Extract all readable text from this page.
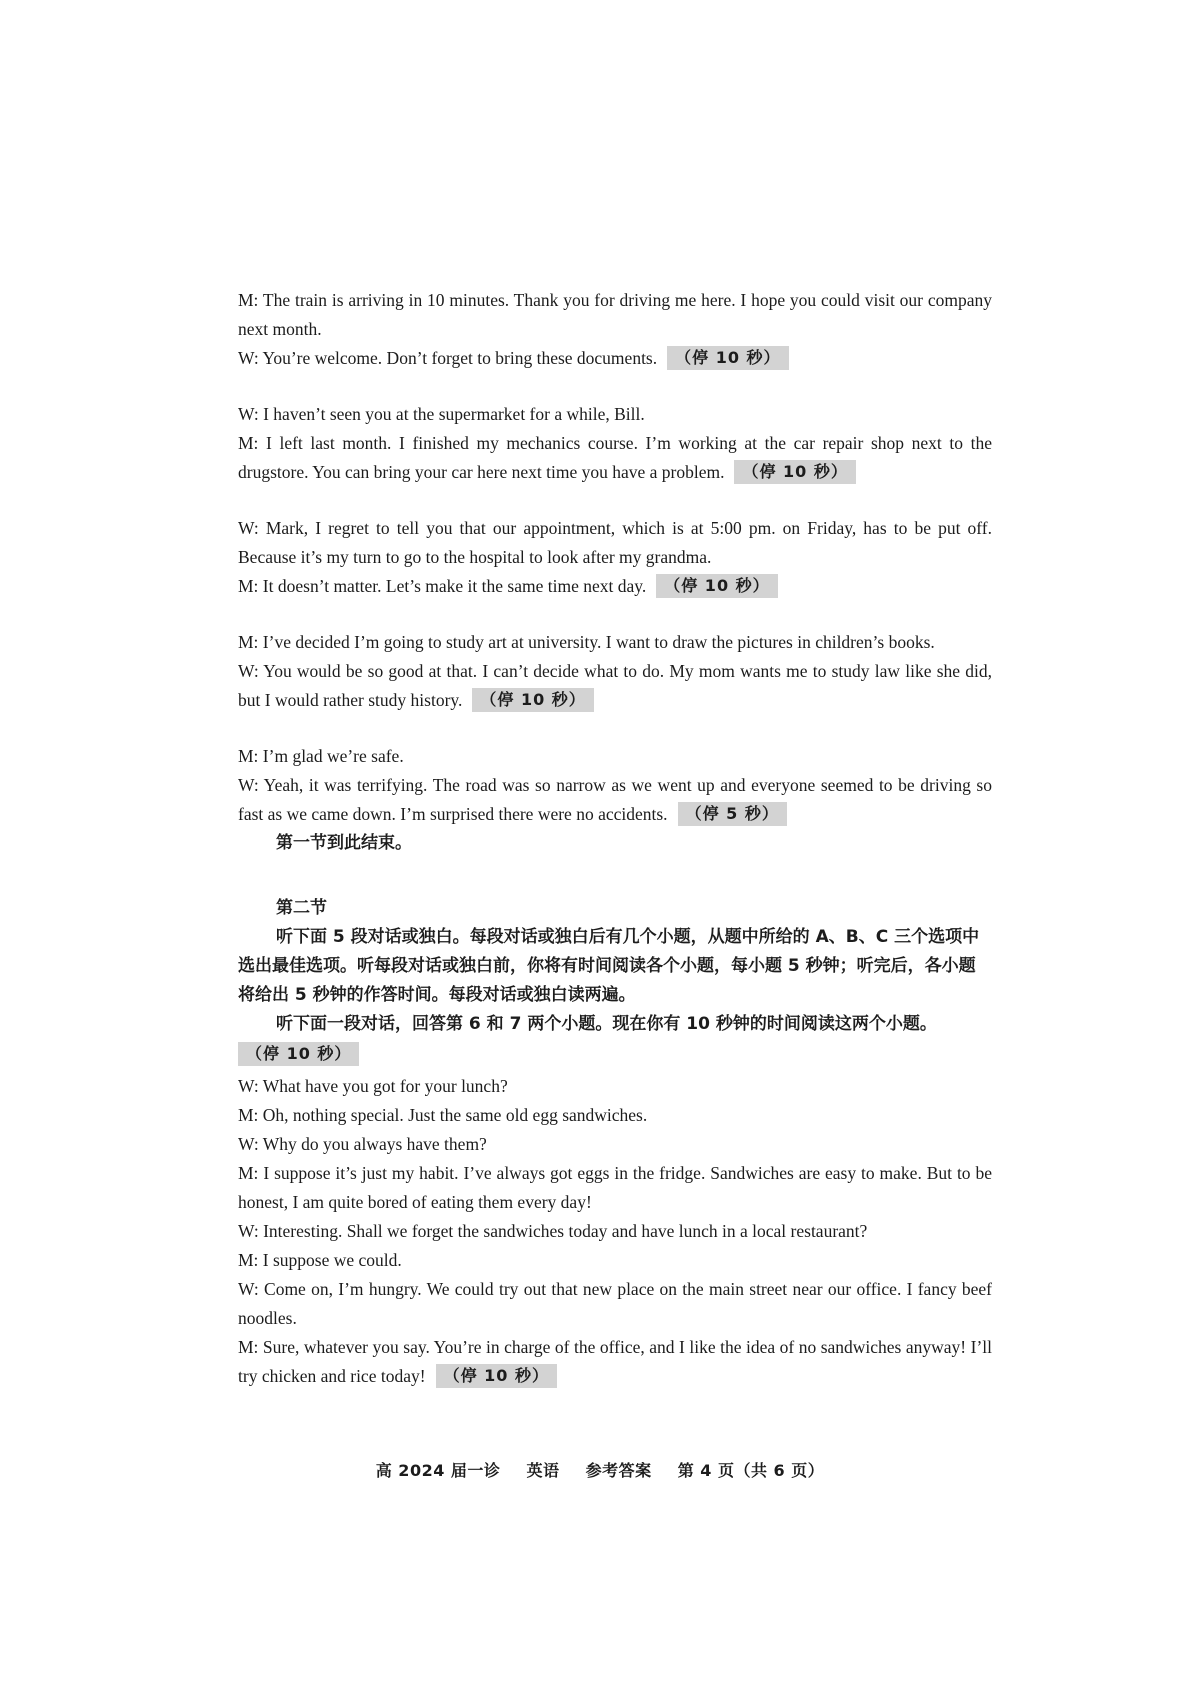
M: The train is arriving in 10 minutes. Thank you for driving me here. I hope you could visit our company next month.

W: You’re welcome. Don’t forget to bring these documents. （停 10 秒）

W: I haven’t seen you at the supermarket for a while, Bill.

M: I left last month. I finished my mechanics course. I’m working at the car repair shop next to the drugstore. You can bring your car here next time you have a problem. （停 10 秒）

W: Mark, I regret to tell you that our appointment, which is at 5:00 pm. on Friday, has to be put off. Because it’s my turn to go to the hospital to look after my grandma.

M: It doesn’t matter. Let’s make it the same time next day. （停 10 秒）

M: I’ve decided I’m going to study art at university. I want to draw the pictures in children’s books.

W: You would be so good at that. I can’t decide what to do. My mom wants me to study law like she did, but I would rather study history. （停 10 秒）

M: I’m glad we’re safe.

W: Yeah, it was terrifying. The road was so narrow as we went up and everyone seemed to be driving so fast as we came down. I’m surprised there were no accidents. （停 5 秒）

第一节到此结束。

第二节

听下面 5 段对话或独白。每段对话或独白后有几个小题，从题中所给的 A、B、C 三个选项中选出最佳选项。听每段对话或独白前，你将有时间阅读各个小题，每小题 5 秒钟；听完后，各小题将给出 5 秒钟的作答时间。每段对话或独白读两遍。

听下面一段对话，回答第 6 和 7 两个小题。现在你有 10 秒钟的时间阅读这两个小题。

（停 10 秒）

W: What have you got for your lunch?

M: Oh, nothing special. Just the same old egg sandwiches.

W: Why do you always have them?

M: I suppose it’s just my habit. I’ve always got eggs in the fridge. Sandwiches are easy to make. But to be honest, I am quite bored of eating them every day!

W: Interesting. Shall we forget the sandwiches today and have lunch in a local restaurant?

M: I suppose we could.

W: Come on, I’m hungry. We could try out that new place on the main street near our office. I fancy beef noodles.

M: Sure, whatever you say. You’re in charge of the office, and I like the idea of no sandwiches anyway! I’ll try chicken and rice today! （停 10 秒）

高 2024 届一诊 英语 参考答案 第 4 页（共 6 页）
